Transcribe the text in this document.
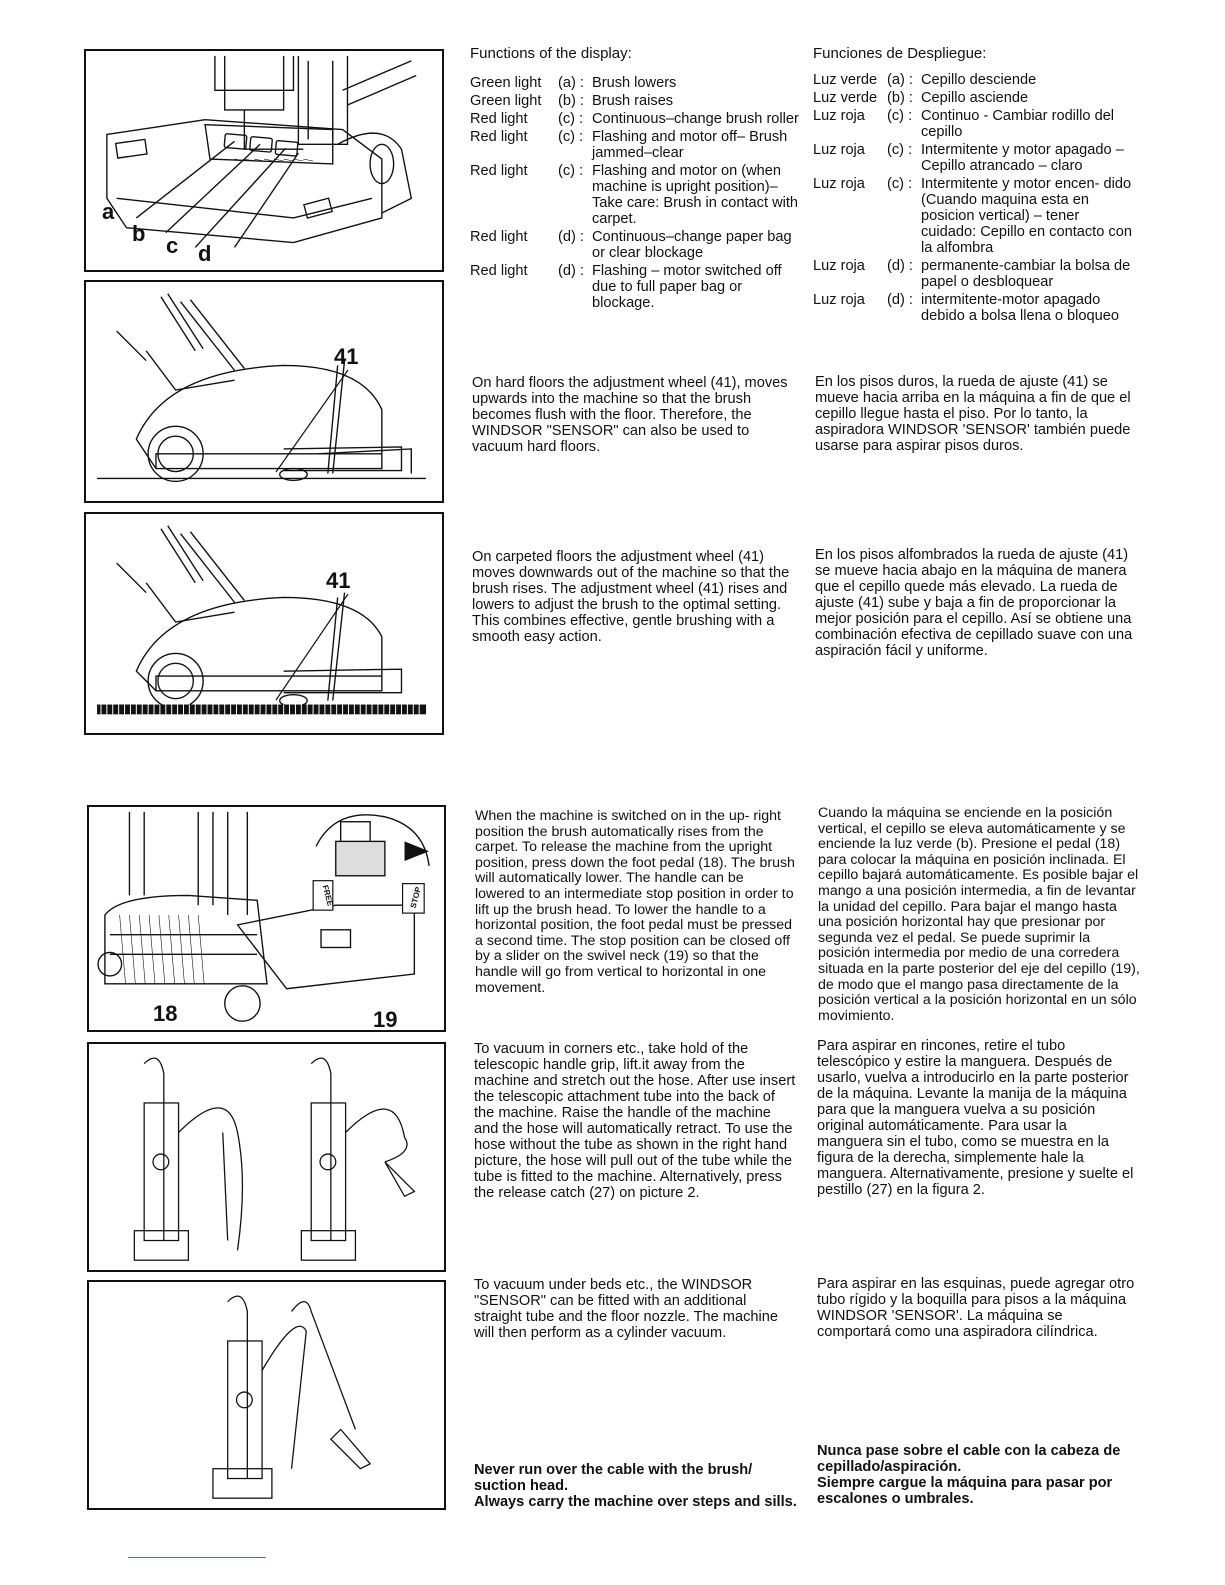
a
b c d
41
41
FREE	STOP
18	19
Functions of the display:
Green light	(a) : Brush lowers
Green light	(b) : Brush raises
Red light	(c) : Continuous–change brush roller
Red light	(c) : Flashing and motor off– Brush jammed–clear
Red light	(c) : Flashing and motor on (when machine is upright position)–Take care: Brush in contact with carpet.
Red light	(d) : Continuous–change paper bag or clear blockage
Red light	(d) : Flashing – motor switched off due to full paper bag or blockage.
Funciones de Despliegue:
Luz verde (a) : Cepillo desciende
Luz verde (b) : Cepillo asciende
Luz roja	(c) : Continuo - Cambiar rodillo del cepillo
Luz roja	(c) : Intermitente y motor apagado – Cepillo atrancado – claro
Luz roja	(c) : Intermitente y motor encen- dido (Cuando maquina esta en posicion vertical) – tener cuidado: Cepillo en contacto con la alfombra
Luz roja	(d) : permanente-cambiar la bolsa de papel o desbloquear
Luz roja	(d) : intermitente-motor apagado debido a bolsa llena o bloqueo

On hard floors the adjustment wheel (41), moves upwards into the machine so that the brush becomes flush with the floor. Therefore, the WINDSOR "SENSOR" can also be used to vacuum hard floors.

En los pisos duros, la rueda de ajuste (41) se mueve hacia arriba en la máquina a fin de que el cepillo llegue hasta el piso. Por lo tanto, la aspiradora WINDSOR 'SENSOR' también puede usarse para aspirar pisos duros.

On carpeted floors the adjustment wheel (41) moves downwards out of the machine so that the brush rises. The adjustment wheel (41) rises and lowers to adjust the brush to the optimal setting. This combines effective, gentle brushing with a smooth easy action.

En los pisos alfombrados la rueda de ajuste (41) se mueve hacia abajo en la máquina de manera que el cepillo quede más elevado. La rueda de ajuste (41) sube y baja a fin de proporcionar la mejor posición para el cepillo. Así se obtiene una combinación efectiva de cepillado suave con una aspiración fácil y uniforme.

When the machine is switched on in the up- right position the brush automatically rises from the carpet. To release the machine from the upright position, press down the foot pedal (18). The brush will automatically lower. The handle can be lowered to an intermediate stop position in order to lift up the brush head. To lower the handle to a horizontal position, the foot pedal must be pressed a second time. The stop position can be closed off by a slider on the swivel neck (19) so that the handle will go from vertical to horizontal in one movement.

Cuando la máquina se enciende en la posición vertical, el cepillo se eleva automáticamente y se enciende la luz verde (b). Presione el pedal (18) para colocar la máquina en posición inclinada. El cepillo bajará automáticamente. Es posible bajar el mango a una posición intermedia, a fin de levantar la unidad del cepillo. Para bajar el mango hasta una posición horizontal hay que presionar por segunda vez el pedal. Se puede suprimir la posición intermedia por medio de una corredera situada en la parte posterior del eje del cepillo (19), de modo que el mango pasa directamente de la posición vertical a la posición horizontal en un sólo movimiento.

To vacuum in corners etc., take hold of the telescopic handle grip, lift.it away from the machine and stretch out the hose. After use insert the telescopic attachment tube into the back of the machine. Raise the handle of the machine and the hose will automatically retract. To use the hose without the tube as shown in the right hand picture, the hose will pull out of the tube while the tube is fitted to the machine. Alternatively, press the release catch (27) on picture 2.

Para aspirar en rincones, retire el tubo telescópico y estire la manguera. Después de usarlo, vuelva a introducirlo en la parte posterior de la máquina. Levante la manija de la máquina para que la manguera vuelva a su posición original automáticamente. Para usar la manguera sin el tubo, como se muestra en la figura de la derecha, simplemente hale la manguera. Alternativamente, presione y suelte el pestillo (27) en la figura 2.

To vacuum under beds etc., the WINDSOR "SENSOR" can be fitted with an additional straight tube and the floor nozzle. The machine will then perform as a cylinder vacuum.

Para aspirar en las esquinas, puede agregar otro tubo rígido y la boquilla para pisos a la máquina WINDSOR 'SENSOR'. La máquina se comportará como una aspiradora cilíndrica.

Never run over the cable with the brush/ suction head.
Always carry the machine over steps and sills.
Nunca pase sobre el cable con la cabeza de cepillado/aspiración.
Siempre cargue la máquina para pasar por escalones o umbrales.
